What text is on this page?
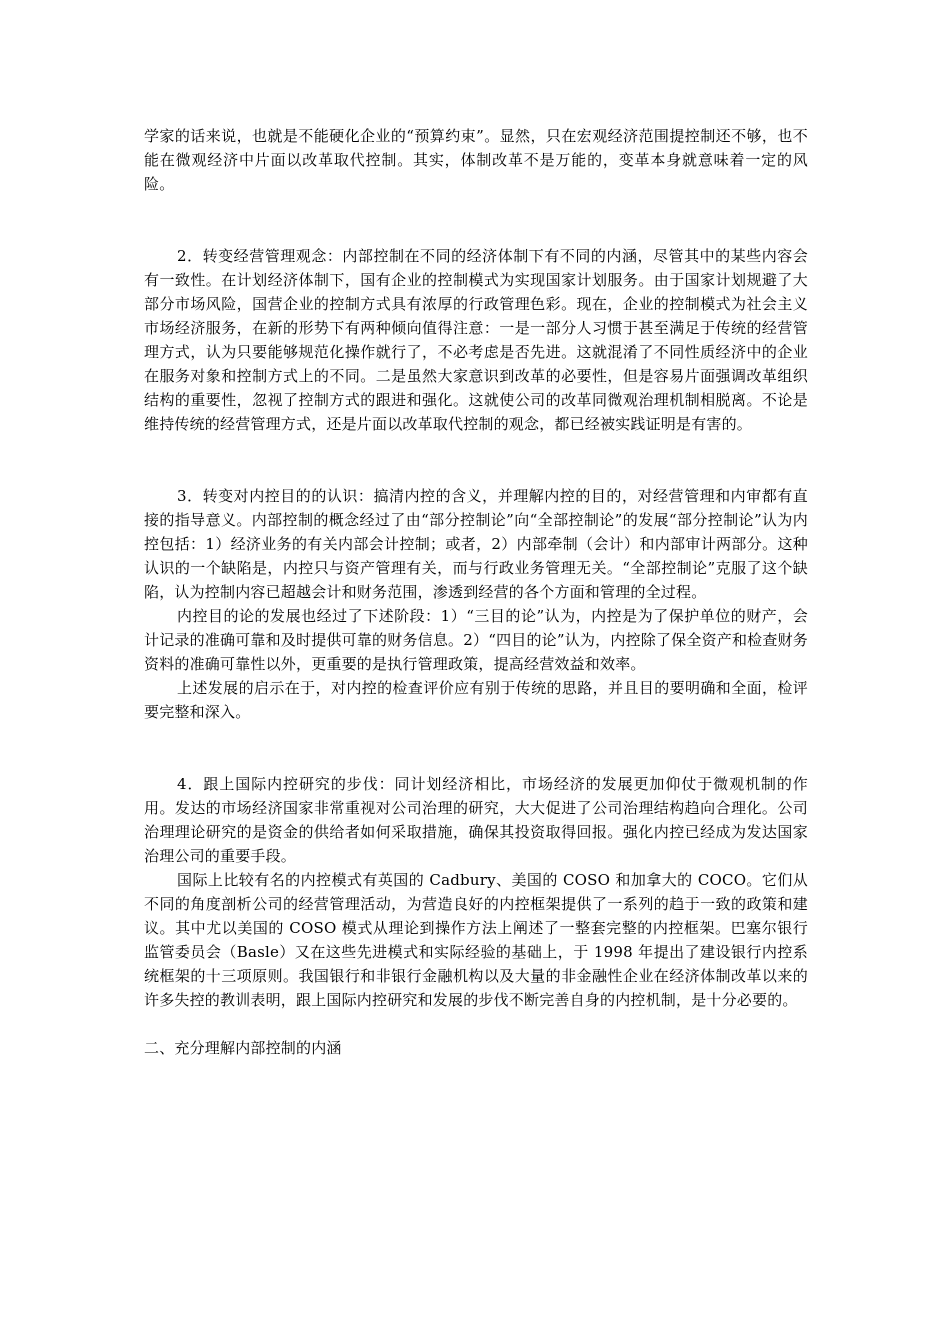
学家的话来说，也就是不能硬化企业的“预算约束”。显然，只在宏观经济范围提控制还不够，也不能在微观经济中片面以改革取代控制。其实，体制改革不是万能的，变革本身就意味着一定的风险。

2．转变经营管理观念：内部控制在不同的经济体制下有不同的内涵，尽管其中的某些内容会有一致性。在计划经济体制下，国有企业的控制模式为实现国家计划服务。由于国家计划规避了大部分市场风险，国营企业的控制方式具有浓厚的行政管理色彩。现在，企业的控制模式为社会主义市场经济服务，在新的形势下有两种倾向值得注意：一是一部分人习惯于甚至满足于传统的经营管理方式，认为只要能够规范化操作就行了，不必考虑是否先进。这就混淆了不同性质经济中的企业在服务对象和控制方式上的不同。二是虽然大家意识到改革的必要性，但是容易片面强调改革组织结构的重要性，忽视了控制方式的跟进和强化。这就使公司的改革同微观治理机制相脱离。不论是维持传统的经营管理方式，还是片面以改革取代控制的观念，都已经被实践证明是有害的。

3．转变对内控目的的认识：搞清内控的含义，并理解内控的目的，对经营管理和内审都有直接的指导意义。内部控制的概念经过了由“部分控制论”向“全部控制论”的发展“部分控制论”认为内控包括：1）经济业务的有关内部会计控制；或者，2）内部牵制（会计）和内部审计两部分。这种认识的一个缺陷是，内控只与资产管理有关，而与行政业务管理无关。“全部控制论”克服了这个缺陷，认为控制内容已超越会计和财务范围，渗透到经营的各个方面和管理的全过程。

内控目的论的发展也经过了下述阶段：1）“三目的论”认为，内控是为了保护单位的财产，会计记录的准确可靠和及时提供可靠的财务信息。2）“四目的论”认为，内控除了保全资产和检查财务资料的准确可靠性以外，更重要的是执行管理政策，提高经营效益和效率。

上述发展的启示在于，对内控的检查评价应有别于传统的思路，并且目的要明确和全面，检评要完整和深入。

4．跟上国际内控研究的步伐：同计划经济相比，市场经济的发展更加仰仗于微观机制的作用。发达的市场经济国家非常重视对公司治理的研究，大大促进了公司治理结构趋向合理化。公司治理理论研究的是资金的供给者如何采取措施，确保其投资取得回报。强化内控已经成为发达国家治理公司的重要手段。

国际上比较有名的内控模式有英国的 Cadbury、美国的 COSO 和加拿大的 COCO。它们从不同的角度剖析公司的经营管理活动，为营造良好的内控框架提供了一系列的趋于一致的政策和建议。其中尤以美国的 COSO 模式从理论到操作方法上阐述了一整套完整的内控框架。巴塞尔银行监管委员会（Basle）又在这些先进模式和实际经验的基础上，于 1998 年提出了建设银行内控系统框架的十三项原则。我国银行和非银行金融机构以及大量的非金融性企业在经济体制改革以来的许多失控的教训表明，跟上国际内控研究和发展的步伐不断完善自身的内控机制，是十分必要的。

二、充分理解内部控制的内涵
